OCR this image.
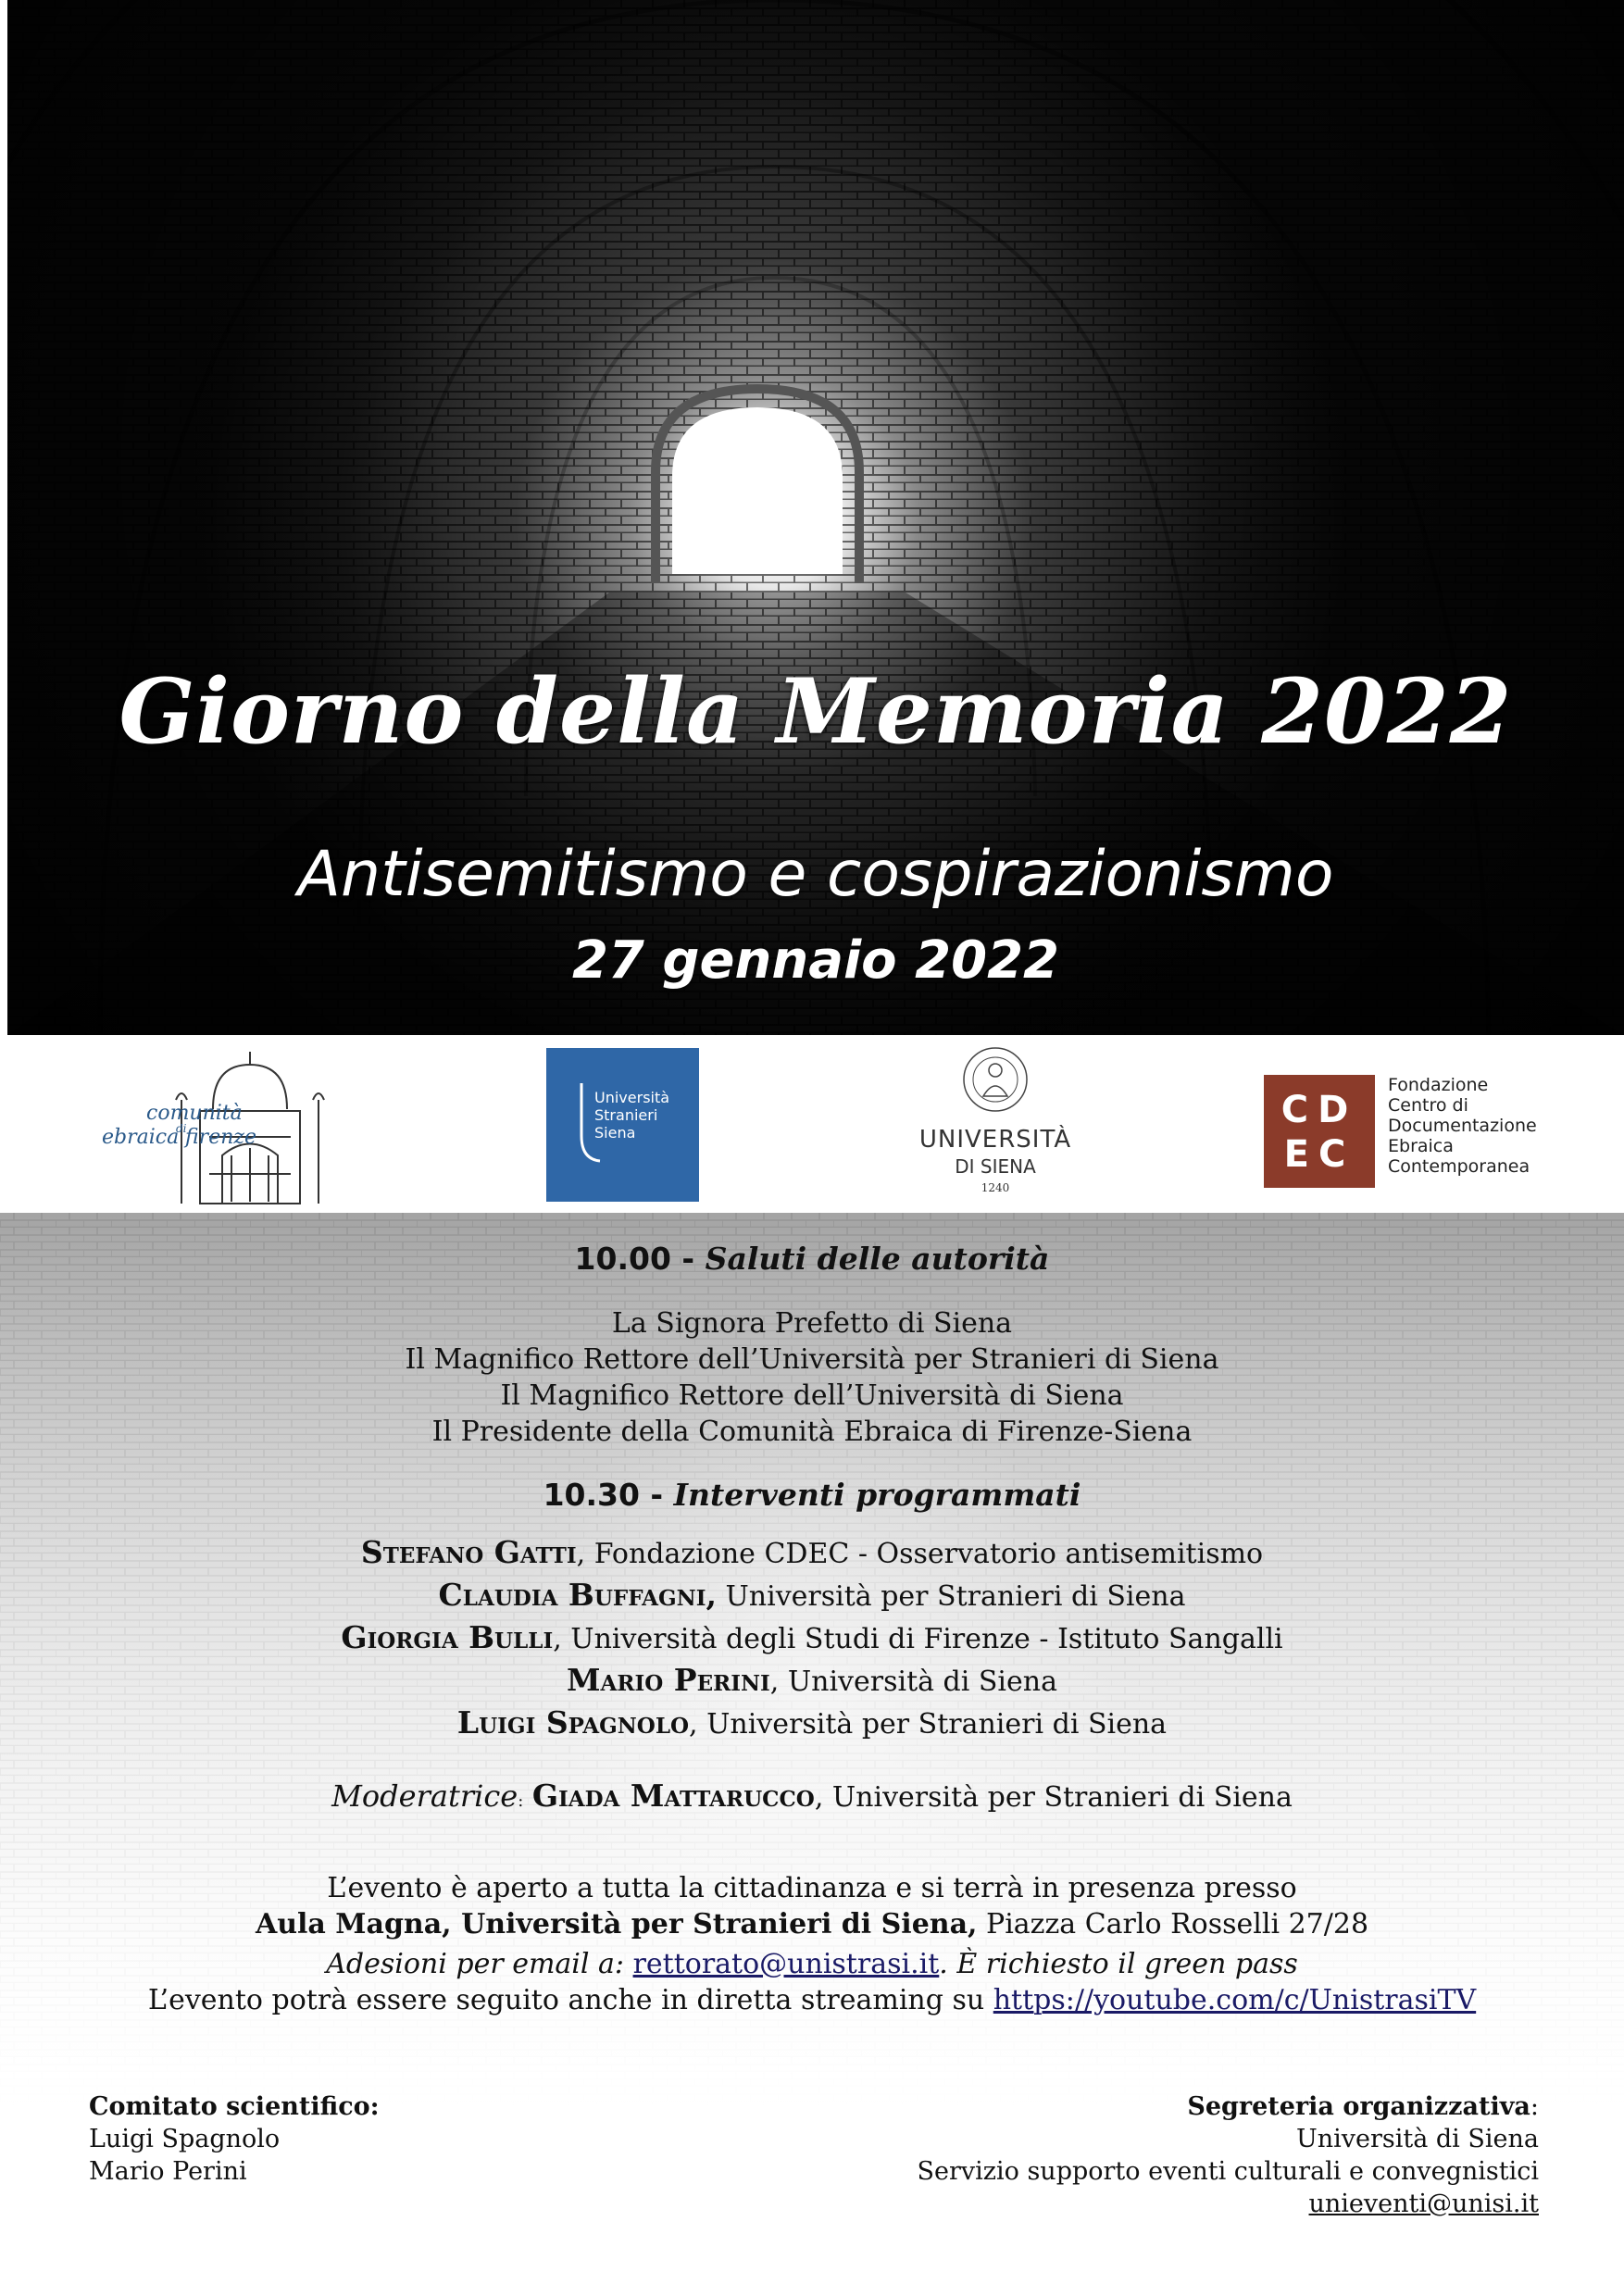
Giorno della Memoria 2022
Antisemitismo e cospirazionismo
27 gennaio 2022
comunità
ebraica
di
firenze
Università
Stranieri
Siena	UNIVERSITÀ
DI SIENA
1240
CD
EC
Fondazione
Centro di
Documentazione
Ebraica
Contemporanea
10.00 - Saluti delle autorità
La Signora Prefetto di Siena
Il Magnifico Rettore dell’Università per Stranieri di Siena
Il Magnifico Rettore dell’Università di Siena
Il Presidente della Comunità Ebraica di Firenze-Siena
10.30 - Interventi programmati
Stefano Gatti, Fondazione CDEC - Osservatorio antisemitismo
Claudia Buffagni, Università per Stranieri di Siena
Giorgia Bulli, Università degli Studi di Firenze - Istituto Sangalli
Mario Perini, Università di Siena
Luigi Spagnolo, Università per Stranieri di Siena
Moderatrice: Giada Mattarucco, Università per Stranieri di Siena
L’evento è aperto a tutta la cittadinanza e si terrà in presenza presso
Aula Magna, Università per Stranieri di Siena, Piazza Carlo Rosselli 27/28
Adesioni per email a: rettorato@unistrasi.it. È richiesto il green pass
L’evento potrà essere seguito anche in diretta streaming su https://youtube.com/c/UnistrasiTV
Comitato scientifico:
Luigi Spagnolo
Mario Perini
Segreteria organizzativa:
Università di Siena
Servizio supporto eventi culturali e convegnistici
unieventi@unisi.it
